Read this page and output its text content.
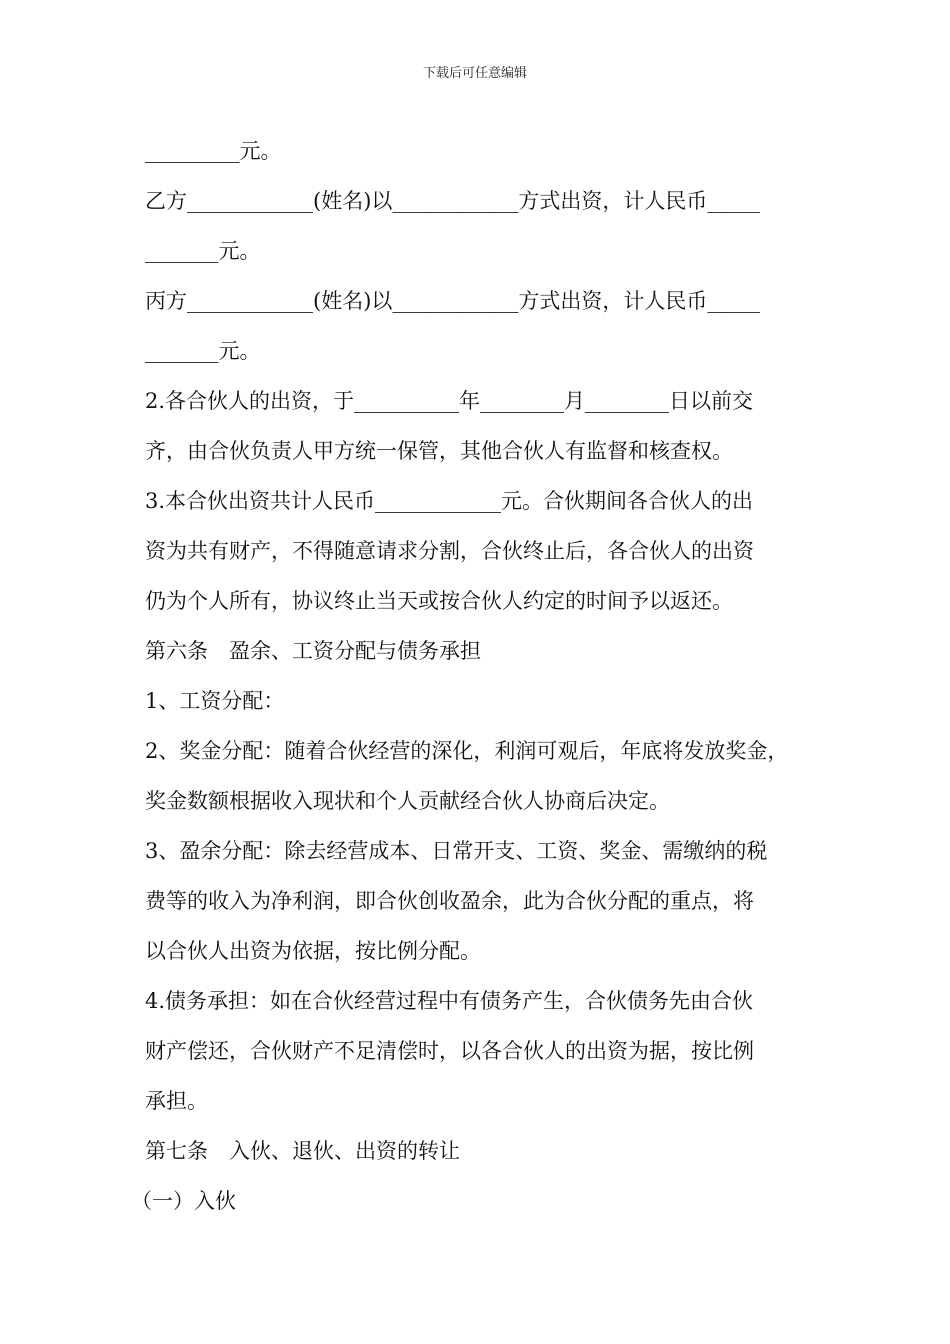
下载后可任意编辑
_________元。
乙方____________(姓名)以____________方式出资，计人民币_____
_______元。
丙方____________(姓名)以____________方式出资，计人民币_____
_______元。
2.各合伙人的出资，于__________年________月________日以前交
齐，由合伙负责人甲方统一保管，其他合伙人有监督和核查权。
3.本合伙出资共计人民币____________元。合伙期间各合伙人的出
资为共有财产，不得随意请求分割，合伙终止后，各合伙人的出资
仍为个人所有，协议终止当天或按合伙人约定的时间予以返还。
第六条　盈余、工资分配与债务承担
1、工资分配：
2、奖金分配：随着合伙经营的深化，利润可观后，年底将发放奖金，
奖金数额根据收入现状和个人贡献经合伙人协商后决定。
3、盈余分配：除去经营成本、日常开支、工资、奖金、需缴纳的税
费等的收入为净利润，即合伙创收盈余，此为合伙分配的重点，将
以合伙人出资为依据，按比例分配。
4.债务承担：如在合伙经营过程中有债务产生，合伙债务先由合伙
财产偿还，合伙财产不足清偿时，以各合伙人的出资为据，按比例
承担。
第七条　入伙、退伙、出资的转让
（一）入伙
